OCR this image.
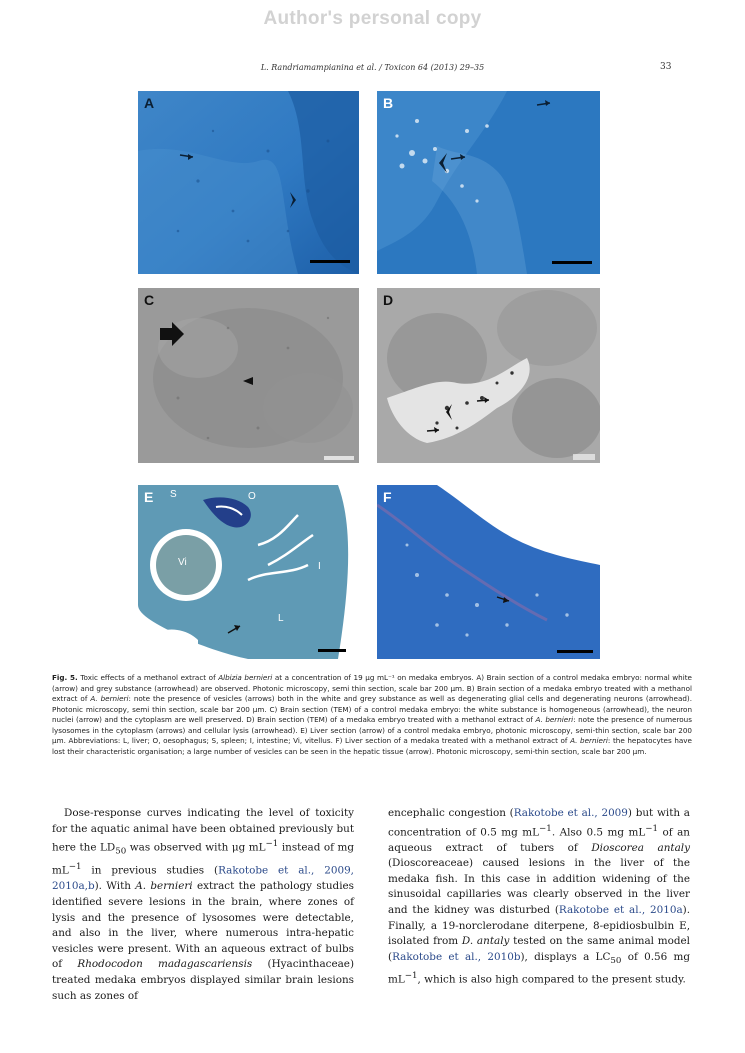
Author's personal copy
L. Randriamampianina et al. / Toxicon 64 (2013) 29–35	33
A	B
C	D
E S	O
Vi	I
L
F
Fig. 5. Toxic effects of a methanol extract of Albizia bernieri at a concentration of 19 μg mL⁻¹ on medaka embryos. A) Brain section of a control medaka embryo: normal white (arrow) and grey substance (arrowhead) are observed. Photonic microscopy, semi thin section, scale bar 200 μm. B) Brain section of a medaka embryo treated with a methanol extract of A. bernieri: note the presence of vesicles (arrows) both in the white and grey substance as well as degenerating glial cells and degenerating neurons (arrowhead). Photonic microscopy, semi thin section, scale bar 200 μm. C) Brain section (TEM) of a control medaka embryo: the white substance is homogeneous (arrowhead), the neuron nuclei (arrow) and the cytoplasm are well preserved. D) Brain section (TEM) of a medaka embryo treated with a methanol extract of A. bernieri: note the presence of numerous lysosomes in the cytoplasm (arrows) and cellular lysis (arrowhead). E) Liver section (arrow) of a control medaka embryo, photonic microscopy, semi-thin section, scale bar 200 μm. Abbreviations: L, liver; O, oesophagus; S, spleen; I, intestine; Vi, vitellus. F) Liver section of a medaka treated with a methanol extract of A. bernieri: the hepatocytes have lost their characteristic organisation; a large number of vesicles can be seen in the hepatic tissue (arrow). Photonic microscopy, semi-thin section, scale bar 200 μm.
Dose-response curves indicating the level of toxicity for the aquatic animal have been obtained previously but here the $LD_{50}$ was observed with μg $mL^{-1}$ instead of mg $mL^{-1}$ in previous studies (Rakotobe et al., 2009, 2010a,b). With A. bernieri extract the pathology studies identified severe lesions in the brain, where zones of lysis and the presence of lysosomes were detectable, and also in the liver, where numerous intra-hepatic vesicles were present. With an aqueous extract of bulbs of Rhodocodon madagascariensis (Hyacinthaceae) treated medaka embryos displayed similar brain lesions such as zones of
encephalic congestion (Rakotobe et al., 2009) but with a concentration of 0.5 mg $mL^{-1}$. Also 0.5 mg $mL^{-1}$ of an aqueous extract of tubers of Dioscorea antaly (Dioscoreaceae) caused lesions in the liver of the medaka fish. In this case in addition widening of the sinusoidal capillaries was clearly observed in the liver and the kidney was disturbed (Rakotobe et al., 2010a). Finally, a 19-norclerodane diterpene, 8-epidiosbulbin E, isolated from D. antaly tested on the same animal model (Rakotobe et al., 2010b), displays a $LC_{50}$ of 0.56 mg $mL^{-1}$, which is also high compared to the present study.
